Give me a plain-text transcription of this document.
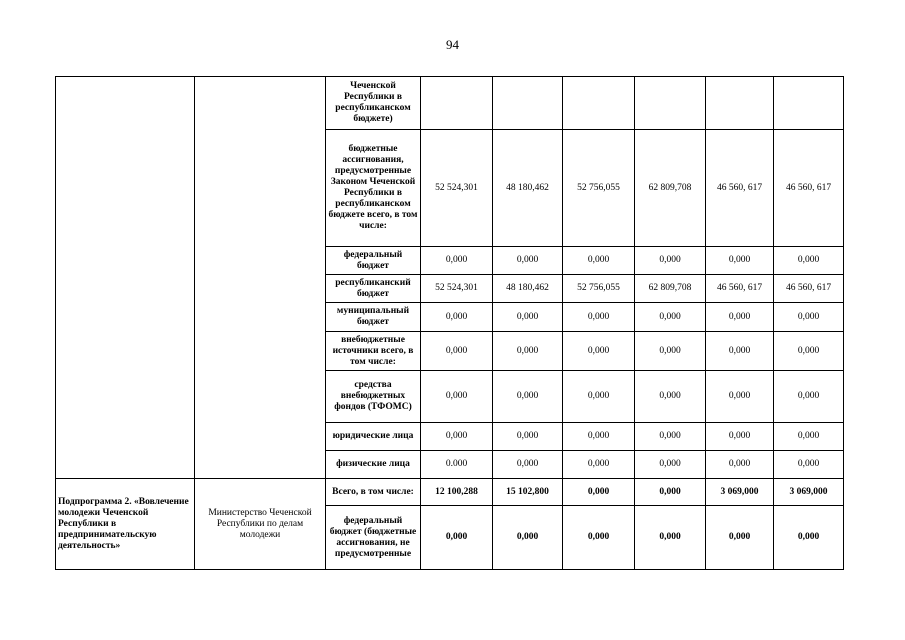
94
		Чеченской Республики в республиканском бюджете)						
		бюджетные ассигнования, предусмотренные Законом Чеченской Республики в республиканском бюджете всего, в том числе:	52 524,301	48 180,462	52 756,055	62 809,708	46 560, 617	46 560, 617
		федеральный бюджет	0,000	0,000	0,000	0,000	0,000	0,000
		республиканский бюджет	52 524,301	48 180,462	52 756,055	62 809,708	46 560, 617	46 560, 617
		муниципальный бюджет	0,000	0,000	0,000	0,000	0,000	0,000
		внебюджетные источники всего, в том числе:	0,000	0,000	0,000	0,000	0,000	0,000
		средства внебюджетных фондов (ТФОМС)	0,000	0,000	0,000	0,000	0,000	0,000
		юридические лица	0,000	0,000	0,000	0,000	0,000	0,000
		физические лица	0.000	0,000	0,000	0,000	0,000	0,000
Подпрограмма 2. «Вовлечение молодежи Чеченской Республики в предпринимательскую деятельность»	Министерство Чеченской Республики по делам молодежи	Всего, в том числе:	12 100,288	15 102,800	0,000	0,000	3 069,000	3 069,000
		федеральный бюджет (бюджетные ассигнования, не предусмотренные	0,000	0,000	0,000	0,000	0,000	0,000
